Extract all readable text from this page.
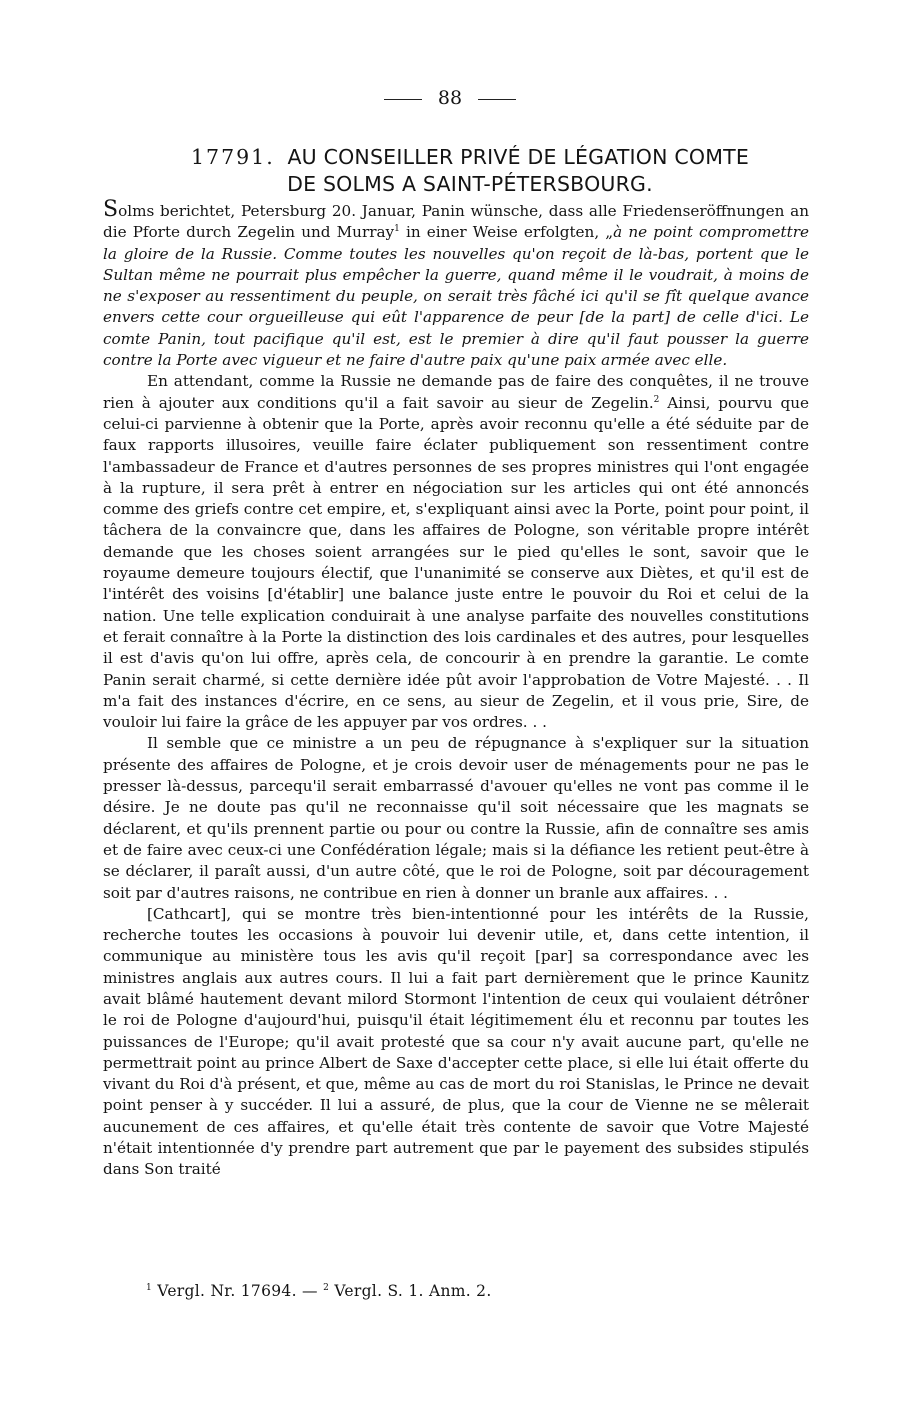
88
17791. AU CONSEILLER PRIVÉ DE LÉGATION COMTE
DE SOLMS A SAINT-PÉTERSBOURG.

Solms berichtet, Petersburg 20. Januar, Panin wünsche, dass alle Friedenseröffnungen an die Pforte durch Zegelin und Murray$^1$ in einer Weise erfolgten, „à ne point compromettre la gloire de la Russie. Comme toutes les nouvelles qu'on reçoit de là-bas, portent que le Sultan même ne pourrait plus empêcher la guerre, quand même il le voudrait, à moins de ne s'exposer au ressentiment du peuple, on serait très fâché ici qu'il se fît quelque avance envers cette cour orgueilleuse qui eût l'apparence de peur [de la part] de celle d'ici. Le comte Panin, tout pacifique qu'il est, est le premier à dire qu'il faut pousser la guerre contre la Porte avec vigueur et ne faire d'autre paix qu'une paix armée avec elle.

En attendant, comme la Russie ne demande pas de faire des conquêtes, il ne trouve rien à ajouter aux conditions qu'il a fait savoir au sieur de Zegelin.$^2$ Ainsi, pourvu que celui-ci parvienne à obtenir que la Porte, après avoir reconnu qu'elle a été séduite par de faux rapports illusoires, veuille faire éclater publiquement son ressentiment contre l'ambassadeur de France et d'autres personnes de ses propres ministres qui l'ont engagée à la rupture, il sera prêt à entrer en négociation sur les articles qui ont été annoncés comme des griefs contre cet empire, et, s'expliquant ainsi avec la Porte, point pour point, il tâchera de la convaincre que, dans les affaires de Pologne, son véritable propre intérêt demande que les choses soient arrangées sur le pied qu'elles le sont, savoir que le royaume demeure toujours électif, que l'unanimité se conserve aux Diètes, et qu'il est de l'intérêt des voisins [d'établir] une balance juste entre le pouvoir du Roi et celui de la nation. Une telle explication conduirait à une analyse parfaite des nouvelles constitutions et ferait connaître à la Porte la distinction des lois cardinales et des autres, pour lesquelles il est d'avis qu'on lui offre, après cela, de concourir à en prendre la garantie. Le comte Panin serait charmé, si cette dernière idée pût avoir l'approbation de Votre Majesté. . . Il m'a fait des instances d'écrire, en ce sens, au sieur de Zegelin, et il vous prie, Sire, de vouloir lui faire la grâce de les appuyer par vos ordres. . .

Il semble que ce ministre a un peu de répugnance à s'expliquer sur la situation présente des affaires de Pologne, et je crois devoir user de ménagements pour ne pas le presser là-dessus, parcequ'il serait embarrassé d'avouer qu'elles ne vont pas comme il le désire. Je ne doute pas qu'il ne reconnaisse qu'il soit nécessaire que les magnats se déclarent, et qu'ils prennent partie ou pour ou contre la Russie, afin de connaître ses amis et de faire avec ceux-ci une Confédération légale; mais si la défiance les retient peut-être à se déclarer, il paraît aussi, d'un autre côté, que le roi de Pologne, soit par découragement soit par d'autres raisons, ne contribue en rien à donner un branle aux affaires. . .

[Cathcart], qui se montre très bien-intentionné pour les intérêts de la Russie, recherche toutes les occasions à pouvoir lui devenir utile, et, dans cette intention, il communique au ministère tous les avis qu'il reçoit [par] sa correspondance avec les ministres anglais aux autres cours. Il lui a fait part dernièrement que le prince Kaunitz avait blâmé hautement devant milord Stormont l'intention de ceux qui voulaient détrôner le roi de Pologne d'aujourd'hui, puisqu'il était légitimement élu et reconnu par toutes les puissances de l'Europe; qu'il avait protesté que sa cour n'y avait aucune part, qu'elle ne permettrait point au prince Albert de Saxe d'accepter cette place, si elle lui était offerte du vivant du Roi d'à présent, et que, même au cas de mort du roi Stanislas, le Prince ne devait point penser à y succéder. Il lui a assuré, de plus, que la cour de Vienne ne se mêlerait aucunement de ces affaires, et qu'elle était très contente de savoir que Votre Majesté n'était intentionnée d'y prendre part autrement que par le payement des subsides stipulés dans Son traité

$^1$ Vergl. Nr. 17694. — $^2$ Vergl. S. 1. Anm. 2.
